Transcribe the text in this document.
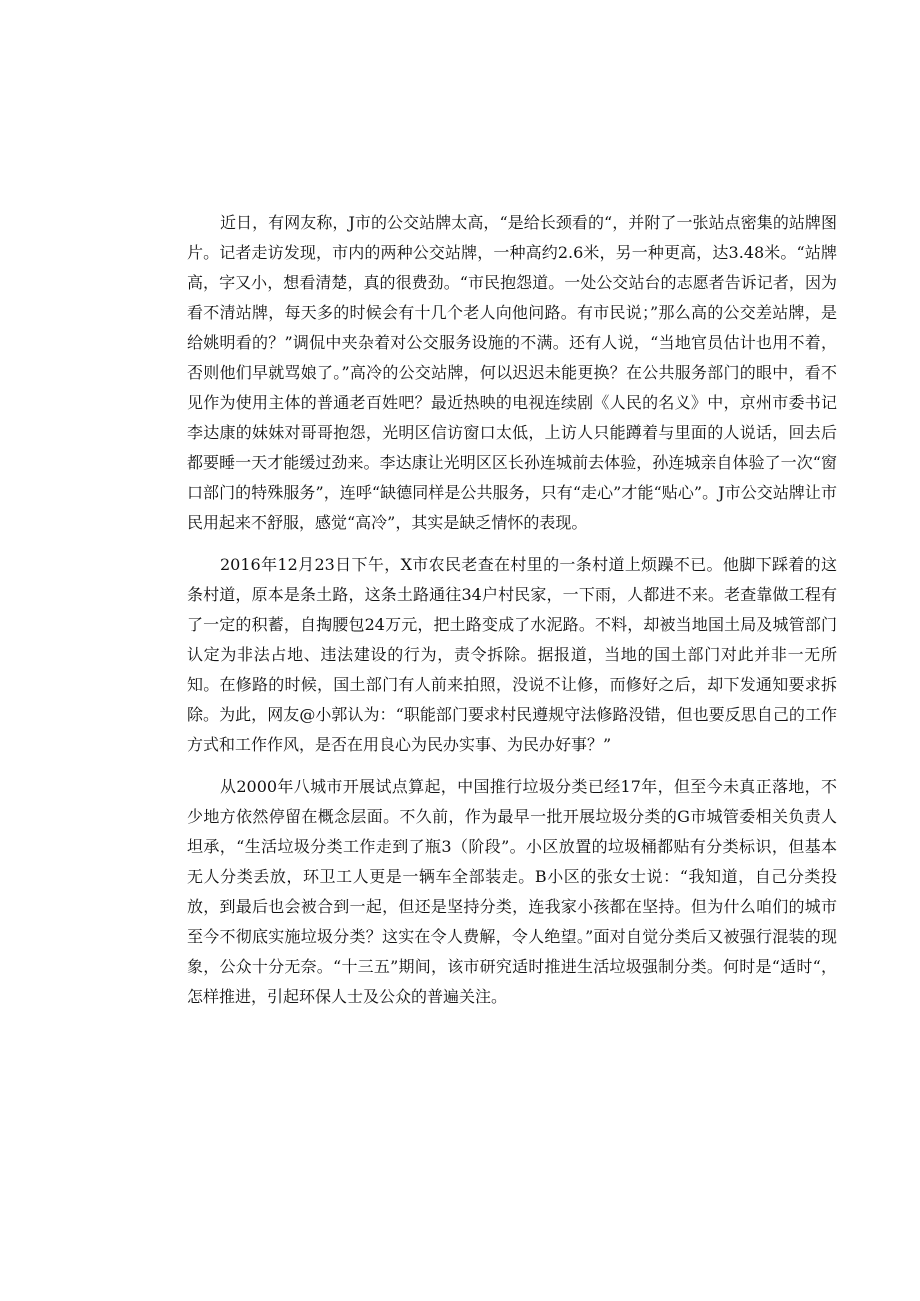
近日，有网友称，J市的公交站牌太高，“是给长颈看的“，并附了一张站点密集的站牌图片。记者走访发现，市内的两种公交站牌，一种高约2.6米，另一种更高，达3.48米。“站牌高，字又小，想看清楚，真的很费劲。“市民抱怨道。一处公交站台的志愿者告诉记者，因为看不清站牌，每天多的时候会有十几个老人向他问路。有市民说；”那么高的公交差站牌，是给姚明看的？”调侃中夹杂着对公交服务设施的不满。还有人说，“当地官员估计也用不着，否则他们早就骂娘了。”高冷的公交站牌，何以迟迟未能更换？在公共服务部门的眼中，看不见作为使用主体的普通老百姓吧？最近热映的电视连续剧《人民的名义》中，京州市委书记李达康的妹妹对哥哥抱怨，光明区信访窗口太低，上访人只能蹲着与里面的人说话，回去后都要睡一天才能缓过劲来。李达康让光明区区长孙连城前去体验，孙连城亲自体验了一次“窗口部门的特殊服务”，连呼“缺德同样是公共服务，只有“走心”才能“贴心”。J市公交站牌让市民用起来不舒服，感觉“高冷”，其实是缺乏情怀的表现。

2016年12月23日下午，X市农民老查在村里的一条村道上烦躁不已。他脚下踩着的这条村道，原本是条土路，这条土路通往34户村民家，一下雨，人都进不来。老查靠做工程有了一定的积蓄，自掏腰包24万元，把土路变成了水泥路。不料，却被当地国土局及城管部门认定为非法占地、违法建设的行为，责令拆除。据报道，当地的国土部门对此并非一无所知。在修路的时候，国土部门有人前来拍照，没说不让修，而修好之后，却下发通知要求拆除。为此，网友@小郭认为：“职能部门要求村民遵规守法修路没错，但也要反思自己的工作方式和工作作风，是否在用良心为民办实事、为民办好事？”

从2000年八城市开展试点算起，中国推行垃圾分类已经17年，但至今未真正落地，不少地方依然停留在概念层面。不久前，作为最早一批开展垃圾分类的G市城管委相关负责人坦承，“生活垃圾分类工作走到了瓶3（阶段”。小区放置的垃圾桶都贴有分类标识，但基本无人分类丢放，环卫工人更是一辆车全部装走。B小区的张女士说：“我知道，自己分类投放，到最后也会被合到一起，但还是坚持分类，连我家小孩都在坚持。但为什么咱们的城市至今不彻底实施垃圾分类？这实在令人费解，令人绝望。”面对自觉分类后又被强行混装的现象，公众十分无奈。“十三五”期间，该市研究适时推进生活垃圾强制分类。何时是“适时“，怎样推进，引起环保人士及公众的普遍关注。
